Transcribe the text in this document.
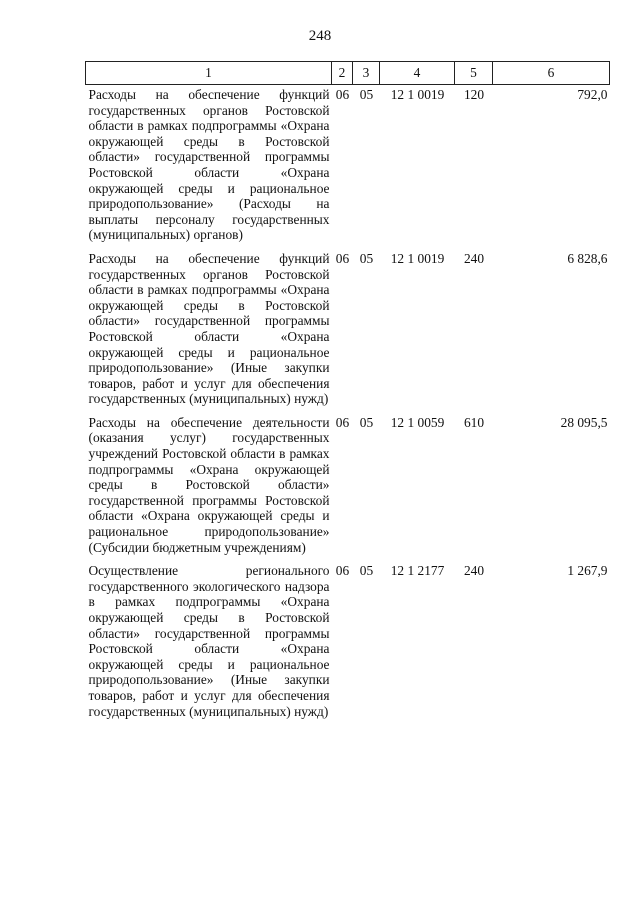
248
1	2	3	4	5	6
Расходы на обеспечение функций государственных органов Ростовской области в рамках подпрограммы «Охрана окружающей среды в Ростовской области» государственной программы Ростовской области «Охрана окружающей среды и рациональное природопользование» (Расходы на выплаты персоналу государственных (муниципальных) органов)	06	05	12 1 0019	120	792,0
Расходы на обеспечение функций государственных органов Ростовской области в рамках подпрограммы «Охрана окружающей среды в Ростовской области» государственной программы Ростовской области «Охрана окружающей среды и рациональное природопользование» (Иные закупки товаров, работ и услуг для обеспечения государственных (муниципальных) нужд)	06	05	12 1 0019	240	6 828,6
Расходы на обеспечение деятельности (оказания услуг) государственных учреждений Ростовской области в рамках подпрограммы «Охрана окружающей среды в Ростовской области» государственной программы Ростовской области «Охрана окружающей среды и рациональное природопользование» (Субсидии бюджетным учреждениям)	06	05	12 1 0059	610	28 095,5
Осуществление регионального государственного экологического надзора в рамках подпрограммы «Охрана окружающей среды в Ростовской области» государственной программы Ростовской области «Охрана окружающей среды и рациональное природопользование» (Иные закупки товаров, работ и услуг для обеспечения государственных (муниципальных) нужд)	06	05	12 1 2177	240	1 267,9
